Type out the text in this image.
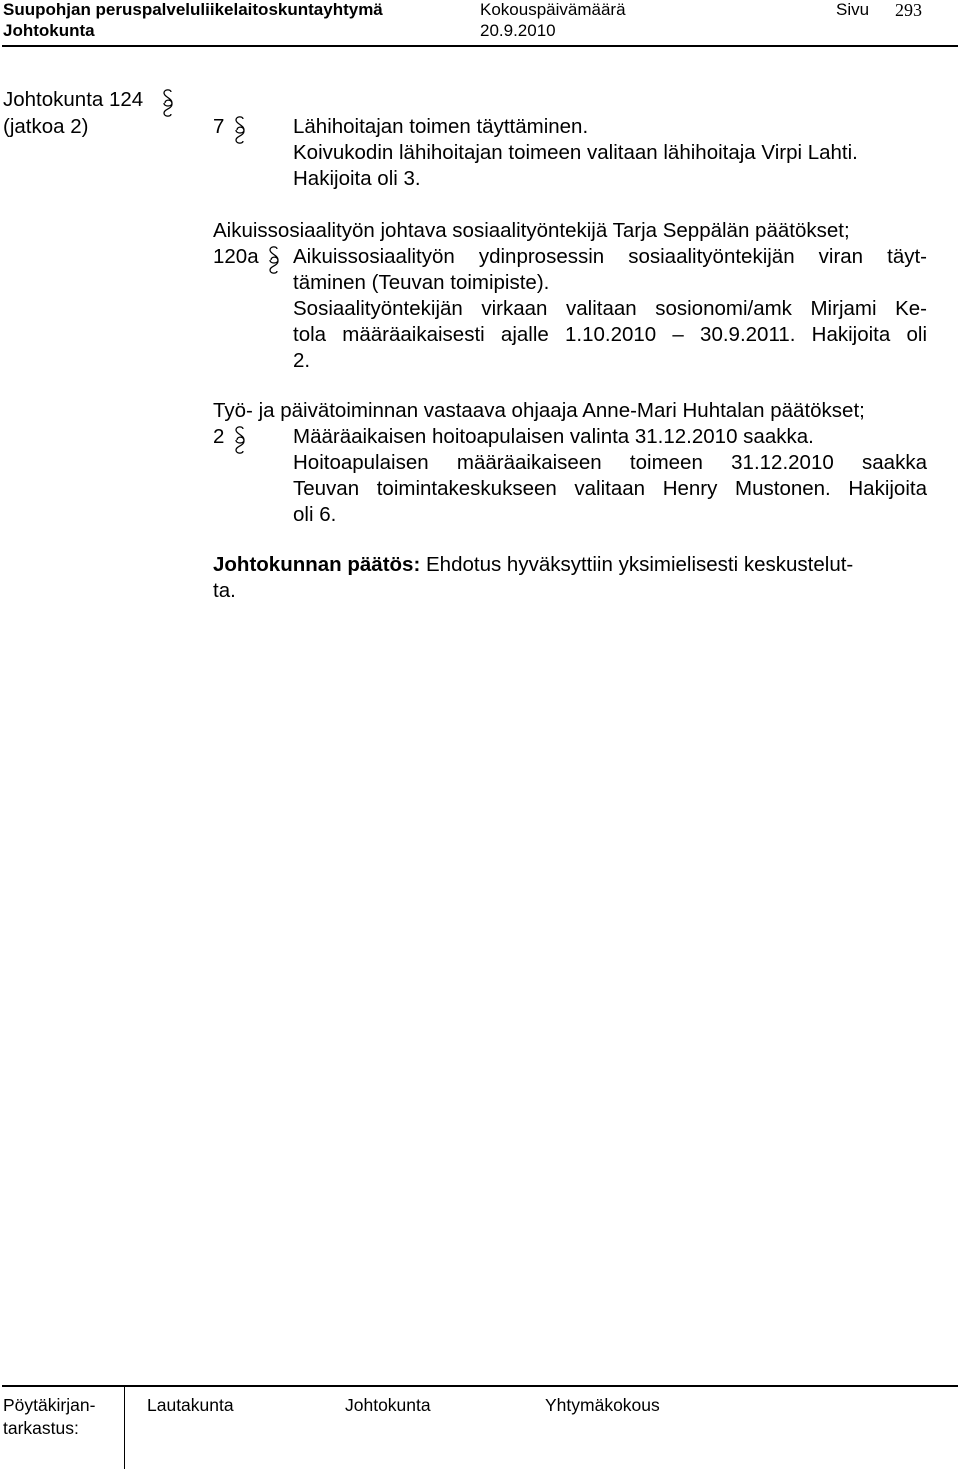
Suupohjan peruspalveluliikelaitoskuntayhtymä	Kokouspäivämäärä	Sivu 293
Johtokunta	20.9.2010
Johtokunta 124
(jatkoa 2)	7	Lähihoitajan toimen täyttäminen.
Koivukodin lähihoitajan toimeen valitaan lähihoitaja Virpi Lahti.
Hakijoita oli 3.
Aikuissosiaalityön johtava sosiaalityöntekijä Tarja Seppälän päätökset;
120a Aikuissosiaalityön ydinprosessin sosiaalityöntekijän viran täyt-
täminen (Teuvan toimipiste).
Sosiaalityöntekijän virkaan valitaan sosionomi/amk Mirjami Ke-
tola määräaikaisesti ajalle 1.10.2010 – 30.9.2011. Hakijoita oli
2.
Työ- ja päivätoiminnan vastaava ohjaaja Anne-Mari Huhtalan päätökset;
2	Määräaikaisen hoitoapulaisen valinta 31.12.2010 saakka.
Hoitoapulaisen määräaikaiseen toimeen 31.12.2010 saakka
Teuvan toimintakeskukseen valitaan Henry Mustonen. Hakijoita
oli 6.
Johtokunnan päätös: Ehdotus hyväksyttiin yksimielisesti keskustelut-
ta.
Pöytäkirjan-
tarkastus:
Lautakunta	Johtokunta	Yhtymäkokous
